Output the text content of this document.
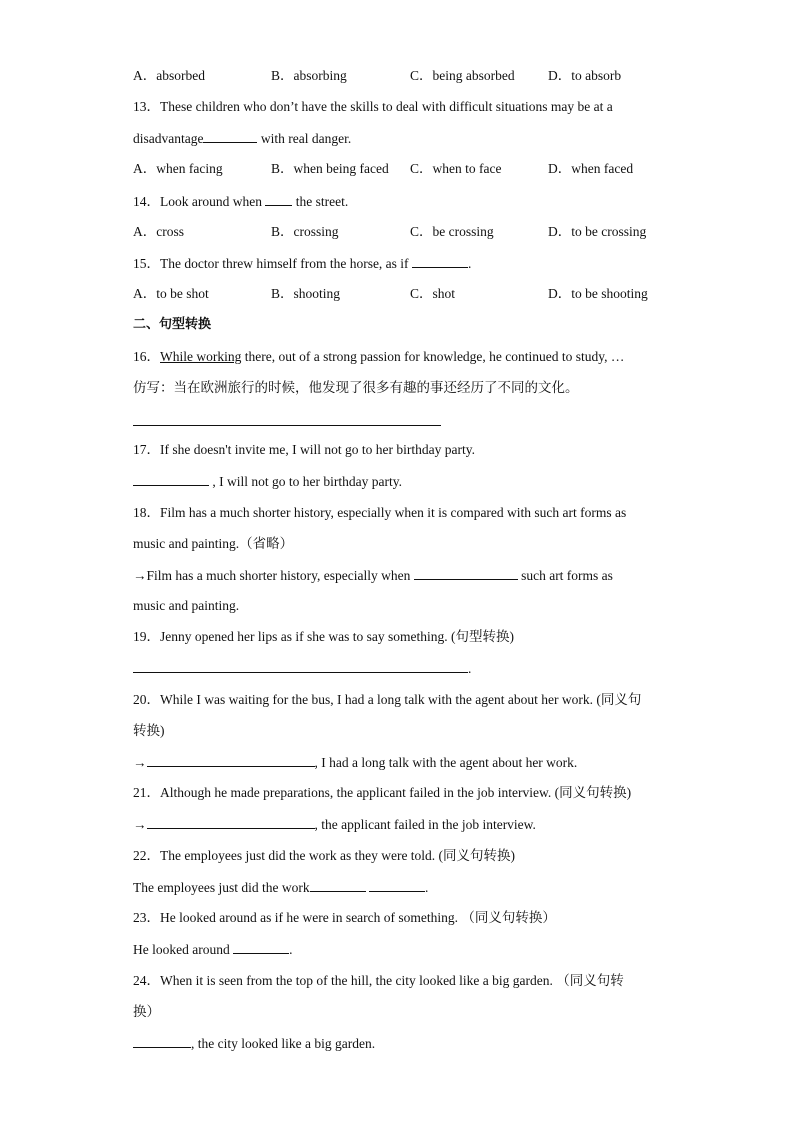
A．absorbed	B．absorbing	C．being absorbed D．to absorb
13．These children who don’t have the skills to deal with difficult situations may be at a
disadvantage	with real danger.
A．when facing	B．when being faced C．when to face	D．when faced
14．Look around when  the street.
A．cross	B．crossing	C．be crossing	D．to be crossing
15．The doctor threw himself from the horse, as if	.
A．to be shot	B．shooting	C．shot	D．to be shooting
二、句型转换
16．While working there, out of a strong passion for knowledge, he continued to study, …
仿写：当在欧洲旅行的时候，他发现了很多有趣的事还经历了不同的文化。
17．If she doesn't invite me, I will not go to her birthday party.
, I will not go to her birthday party.
18．Film has a much shorter history, especially when it is compared with such art forms as
music and painting.（省略）
→Film has a much shorter history, especially when	such art forms as
music and painting.
19．Jenny opened her lips as if she was to say something. (句型转换)
.
20．While I was waiting for the bus, I had a long talk with the agent about her work. (同义句
转换)
→	, I had a long talk with the agent about her work.
21．Although he made preparations, the applicant failed in the job interview. (同义句转换)
→	, the applicant failed in the job interview.
22．The employees just did the work as they were told. (同义句转换)
The employees just did the work	.
23．He looked around as if he were in search of something. （同义句转换）
He looked around	.
24．When it is seen from the top of the hill, the city looked like a big garden. （同义句转
换）
, the city looked like a big garden.
